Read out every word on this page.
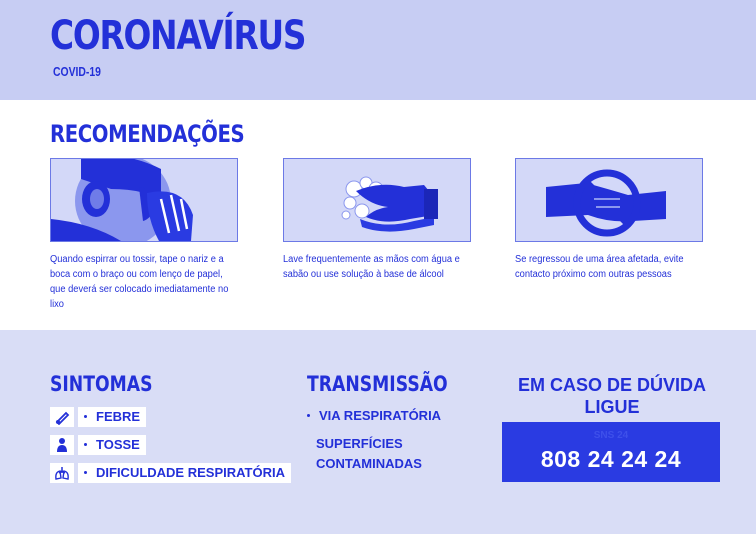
CORONAVÍRUS
COVID-19
RECOMENDAÇÕES
Quando espirrar ou tossir, tape o nariz e a boca com o braço ou com lenço de papel, que deverá ser colocado imediatamente no lixo
Lave frequentemente as mãos com água e sabão ou use solução à base de álcool
Se regressou de uma área afetada, evite contacto próximo com outras pessoas
SINTOMAS
FEBRE
TOSSE
DIFICULDADE RESPIRATÓRIA
TRANSMISSÃO
VIA RESPIRATÓRIA
SUPERFÍCIES CONTAMINADAS
EM CASO DE DÚVIDA LIGUE
SNS 24
808 24 24 24
